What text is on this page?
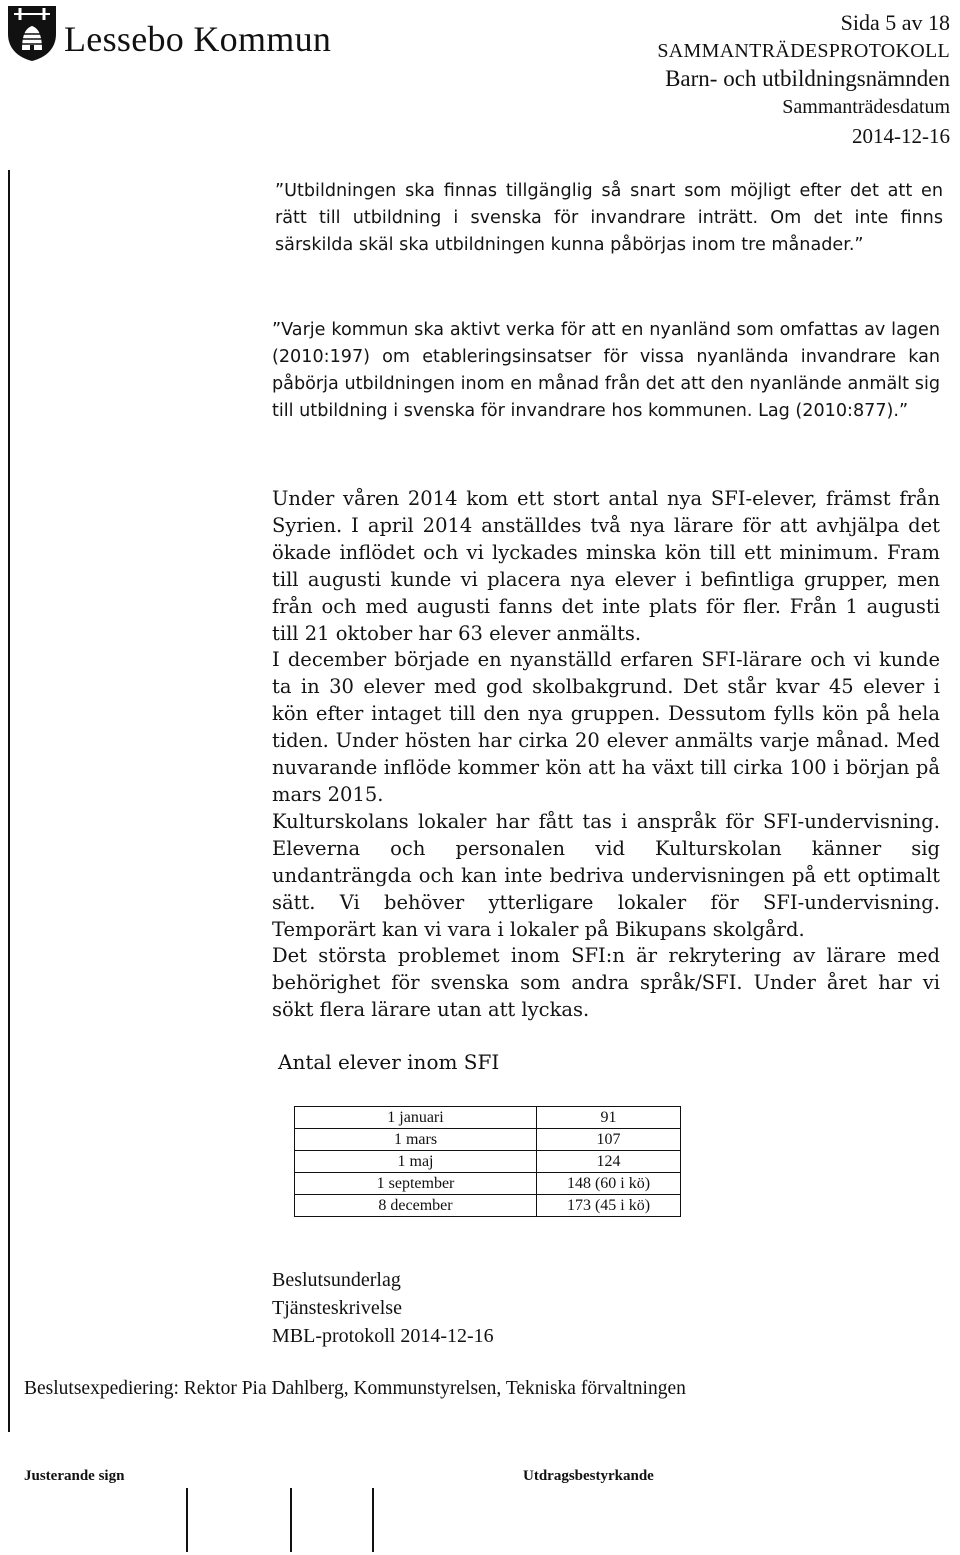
Lessebo Kommun	Sida 5 av 18
SAMMANTRÄDESPROTOKOLL
Barn- och utbildningsnämnden
Sammanträdesdatum
2014-12-16
”Utbildningen ska finnas tillgänglig så snart som möjligt efter det att en rätt till utbildning i svenska för invandrare inträtt. Om det inte finns särskilda skäl ska utbildningen kunna påbörjas inom tre månader.”
”Varje kommun ska aktivt verka för att en nyanländ som omfattas av lagen (2010:197) om etableringsinsatser för vissa nyanlända invandrare kan påbörja utbildningen inom en månad från det att den nyanlände anmält sig till utbildning i svenska för invandrare hos kommunen. Lag (2010:877).”
Under våren 2014 kom ett stort antal nya SFI-elever, främst från Syrien. I april 2014 anställdes två nya lärare för att avhjälpa det ökade inflödet och vi lyckades minska kön till ett minimum. Fram till augusti kunde vi placera nya elever i befintliga grupper, men från och med augusti fanns det inte plats för fler. Från 1 augusti till 21 oktober har 63 elever anmälts.
I december började en nyanställd erfaren SFI-lärare och vi kunde ta in 30 elever med god skolbakgrund. Det står kvar 45 elever i kön efter intaget till den nya gruppen. Dessutom fylls kön på hela tiden. Under hösten har cirka 20 elever anmälts varje månad. Med nuvarande inflöde kommer kön att ha växt till cirka 100 i början på mars 2015.
Kulturskolans lokaler har fått tas i anspråk för SFI-undervisning. Eleverna och personalen vid Kulturskolan känner sig undanträngda och kan inte bedriva undervisningen på ett optimalt sätt. Vi behöver ytterligare lokaler för SFI-undervisning. Temporärt kan vi vara i lokaler på Bikupans skolgård.
Det största problemet inom SFI:n är rekrytering av lärare med behörighet för svenska som andra språk/SFI. Under året har vi sökt flera lärare utan att lyckas.
Antal elever inom SFI
1 januari	91
1 mars	107
1 maj	124
1 september	148 (60 i kö)
8 december	173 (45 i kö)
Beslutsunderlag
Tjänsteskrivelse
MBL-protokoll 2014-12-16
Beslutsexpediering: Rektor Pia Dahlberg, Kommunstyrelsen, Tekniska förvaltningen
Justerande sign	Utdragsbestyrkande
